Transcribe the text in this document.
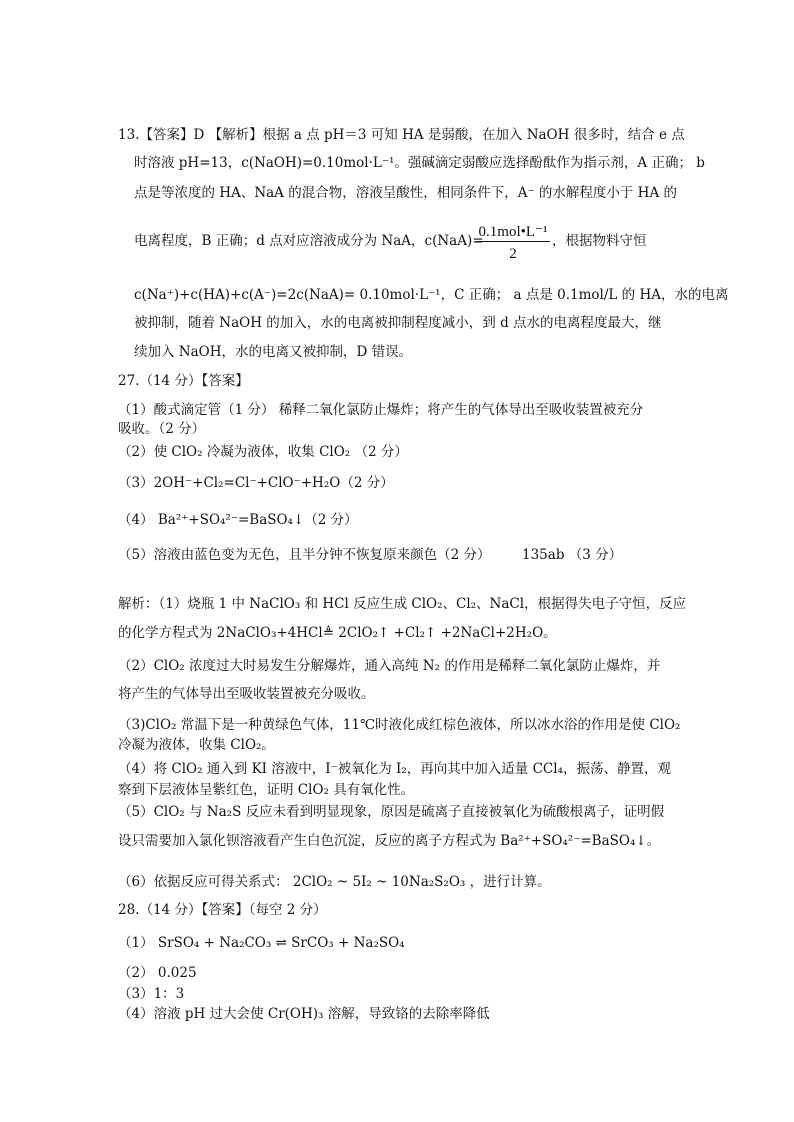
13.【答案】D 【解析】根据 a 点 pH＝3 可知 HA 是弱酸，在加入 NaOH 很多时，结合 e 点
时溶液 pH=13，c(NaOH)=0.10mol·L⁻¹。强碱滴定弱酸应选择酚酞作为指示剂，A 正确； b
点是等浓度的 HA、NaA 的混合物，溶液呈酸性，相同条件下，A⁻ 的水解程度小于 HA 的
电离程度，B 正确；d 点对应溶液成分为 NaA，c(NaA)=
0.1mol•L⁻¹
2
，根据物料守恒
c(Na⁺)+c(HA)+c(A⁻)=2c(NaA)= 0.10mol·L⁻¹，C 正确； a 点是 0.1mol/L 的 HA，水的电离
被抑制，随着 NaOH 的加入，水的电离被抑制程度减小，到 d 点水的电离程度最大，继
续加入 NaOH，水的电离又被抑制，D 错误。
27.（14 分）【答案】
（1）酸式滴定管（1 分） 稀释二氧化氯防止爆炸；将产生的气体导出至吸收装置被充分
吸收。（2 分）
（2）使 ClO₂ 冷凝为液体，收集 ClO₂ （2 分）
（3）2OH⁻+Cl₂=Cl⁻+ClO⁻+H₂O（2 分）
（4） Ba²⁺+SO₄²⁻=BaSO₄↓（2 分）
（5）溶液由蓝色变为无色，且半分钟不恢复原来颜色（2 分） 135ab （3 分）
解析：（1）烧瓶 1 中 NaClO₃ 和 HCl 反应生成 ClO₂、Cl₂、NaCl，根据得失电子守恒，反应
的化学方程式为 2NaClO₃+4HCl≜ 2ClO₂↑ +Cl₂↑ +2NaCl+2H₂O。
（2）ClO₂ 浓度过大时易发生分解爆炸，通入高纯 N₂ 的作用是稀释二氧化氯防止爆炸，并
将产生的气体导出至吸收装置被充分吸收。
（3)ClO₂ 常温下是一种黄绿色气体，11℃时液化成红棕色液体，所以冰水浴的作用是使 ClO₂
冷凝为液体，收集 ClO₂。
（4）将 ClO₂ 通入到 KI 溶液中，I⁻被氧化为 I₂，再向其中加入适量 CCl₄，振荡、静置，观
察到下层液体呈紫红色，证明 ClO₂ 具有氧化性。
（5）ClO₂ 与 Na₂S 反应未看到明显现象，原因是硫离子直接被氧化为硫酸根离子，证明假
设只需要加入氯化钡溶液看产生白色沉淀，反应的离子方程式为 Ba²⁺+SO₄²⁻=BaSO₄↓。
（6）依据反应可得关系式： 2ClO₂ ~ 5I₂ ~ 10Na₂S₂O₃ ，进行计算。
28.（14 分）【答案】（每空 2 分）
（1） SrSO₄ + Na₂CO₃ ⇌ SrCO₃ + Na₂SO₄
（2） 0.025
（3）1：3
（4）溶液 pH 过大会使 Cr(OH)₃ 溶解，导致铬的去除率降低
